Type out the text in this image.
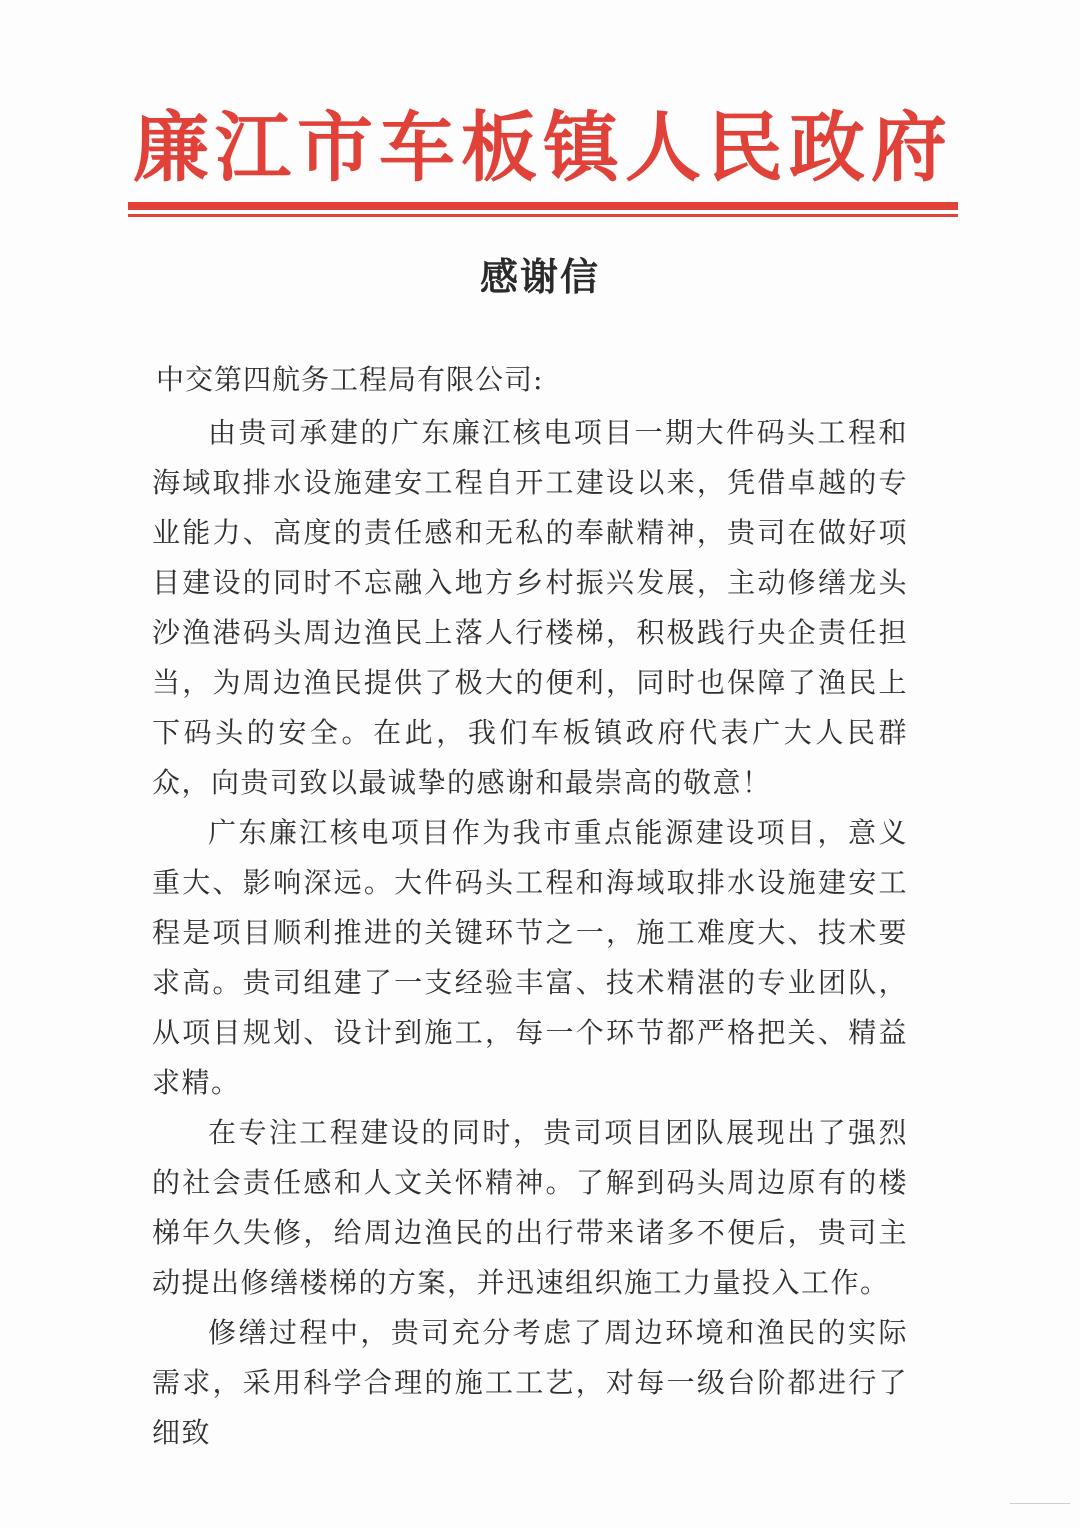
廉江市车板镇人民政府
感谢信
中交第四航务工程局有限公司:

由贵司承建的广东廉江核电项目一期大件码头工程和海域取排水设施建安工程自开工建设以来，凭借卓越的专业能力、高度的责任感和无私的奉献精神，贵司在做好项目建设的同时不忘融入地方乡村振兴发展，主动修缮龙头沙渔港码头周边渔民上落人行楼梯，积极践行央企责任担当，为周边渔民提供了极大的便利，同时也保障了渔民上下码头的安全。在此，我们车板镇政府代表广大人民群众，向贵司致以最诚挚的感谢和最崇高的敬意！

广东廉江核电项目作为我市重点能源建设项目，意义重大、影响深远。大件码头工程和海域取排水设施建安工程是项目顺利推进的关键环节之一，施工难度大、技术要求高。贵司组建了一支经验丰富、技术精湛的专业团队，从项目规划、设计到施工，每一个环节都严格把关、精益求精。

在专注工程建设的同时，贵司项目团队展现出了强烈的社会责任感和人文关怀精神。了解到码头周边原有的楼梯年久失修，给周边渔民的出行带来诸多不便后，贵司主动提出修缮楼梯的方案，并迅速组织施工力量投入工作。

修缮过程中，贵司充分考虑了周边环境和渔民的实际需求，采用科学合理的施工工艺，对每一级台阶都进行了细致
